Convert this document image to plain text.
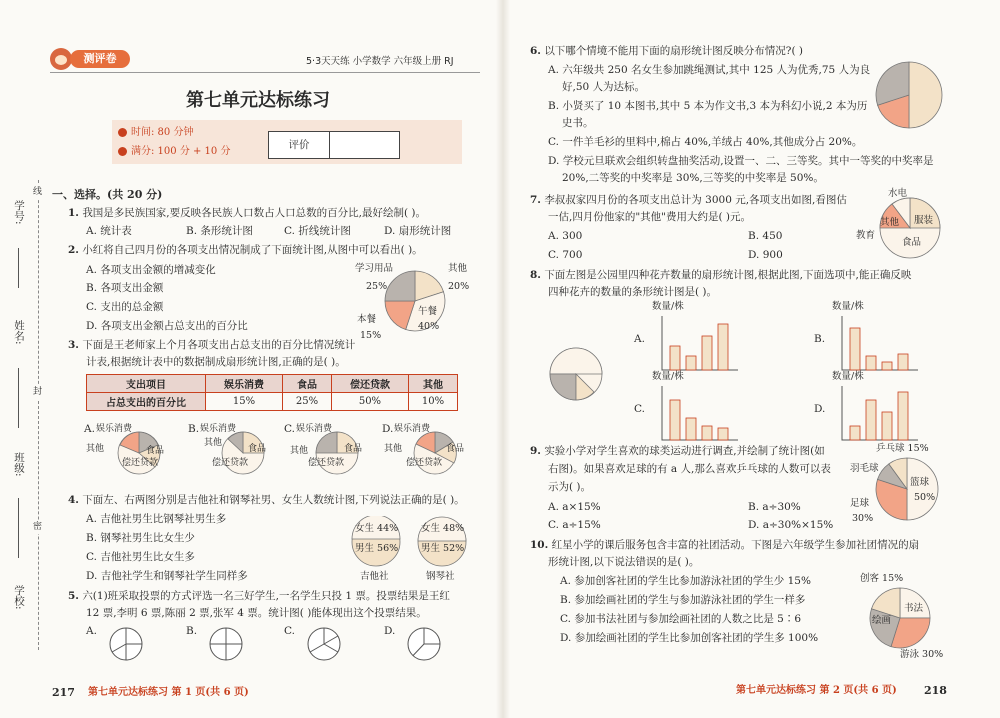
学号:
姓名:
班级:
学校:
线
封
密
测评卷	5·3天天练 小学数学 六年级上册 RJ
第七单元达标练习
时间: 80 分钟
满分: 100 分 + 10 分
评价
一、选择。(共 20 分)
1. 我国是多民族国家,要反映各民族人口数占人口总数的百分比,最好绘制( )。
A. 统计表	B. 条形统计图	C. 折线统计图	D. 扇形统计图
2. 小红将自己四月份的各项支出情况制成了下面统计图,从图中可以看出( )。
A. 各项支出金额的增减变化
B. 各项支出金额
C. 支出的总金额
D. 各项支出金额占总支出的百分比
学习用品
25%
其他
20%
本餐
15%
午餐
40%
3. 下面是王老师家上个月各项支出占总支出的百分比情况统计
计表,根据统计表中的数据制成扇形统计图,正确的是( )。
支出项目	娱乐消费	食品	偿还贷款	其他
占总支出的百分比	15%	25%	50%	10%
A. 娱乐消费
其他	食品
偿还贷款
B. 娱乐消费
其他
食品
偿还贷款
C. 娱乐消费
食品
其他
偿还贷款
D. 娱乐消费
其他	食品
偿还贷款
4. 下面左、右两图分别是吉他社和钢琴社男、女生人数统计图,下列说法正确的是( )。
A. 吉他社男生比钢琴社男生多
B. 钢琴社男生比女生少
C. 吉他社男生比女生多
D. 吉他社学生和钢琴社学生同样多
女生 44%
男生 56%
吉他社
女生 48%
男生 52%
钢琴社
5. 六(1)班采取投票的方式评选一名三好学生,一名学生只投 1 票。投票结果是王红
12 票,李明 6 票,陈丽 2 票,张军 4 票。统计图( )能体现出这个投票结果。
A.	B.	C.	D.
217 第七单元达标练习 第 1 页(共 6 页)
6. 以下哪个情境不能用下面的扇形统计图反映分布情况?( )
A. 六年级共 250 名女生参加跳绳测试,其中 125 人为优秀,75 人为良
好,50 人为达标。
B. 小贤买了 10 本图书,其中 5 本为作文书,3 本为科幻小说,2 本为历
史书。
C. 一件羊毛衫的里料中,棉占 40%,羊绒占 40%,其他成分占 20%。
D. 学校元旦联欢会组织转盘抽奖活动,设置一、二、三等奖。其中一等奖的中奖率是
20%,二等奖的中奖率是 30%,三等奖的中奖率是 50%。
7. 李叔叔家四月份的各项支出总计为 3000 元,各项支出如图,看图估
一估,四月份他家的"其他"费用大约是( )元。
A. 300	B. 450
C. 700	D. 900
水电
其他 服装
教育
食品
8. 下面左图是公园里四种花卉数量的扇形统计图,根据此图,下面选项中,能正确反映
四种花卉的数量的条形统计图是( )。
A.
数量/株
B.
数量/株
C.
数量/株
D.
数量/株
9. 实验小学对学生喜欢的球类运动进行调查,并绘制了统计图(如
右图)。如果喜欢足球的有 a 人,那么喜欢乒乓球的人数可以表
示为( )。
A. a×15%	B. a÷30%
C. a÷15%	D. a÷30%×15%
乒乓球 15%
羽毛球
篮球
50%
足球
30%
10. 红星小学的课后服务包含丰富的社团活动。下图是六年级学生参加社团情况的扇
形统计图,以下说法错误的是( )。
A. 参加创客社团的学生比参加游泳社团的学生少 15%
B. 参加绘画社团的学生与参加游泳社团的学生一样多
C. 参加书法社团与参加绘画社团的人数之比是 5∶6
D. 参加绘画社团的学生比参加创客社团的学生多 100%
创客 15%
书法
绘画
游泳 30%
第七单元达标练习 第 2 页(共 6 页) 218
